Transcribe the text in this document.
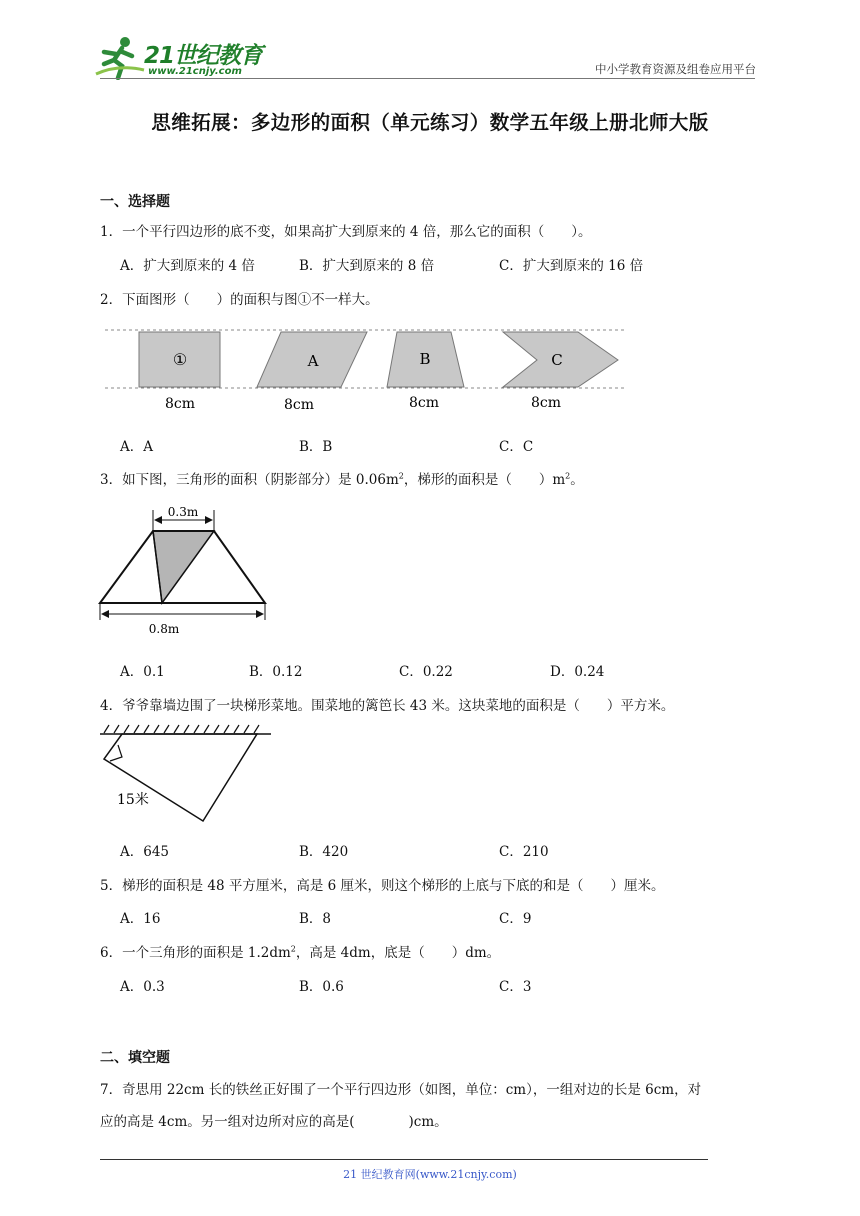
21世纪教育
www.21cnjy.com	中小学教育资源及组卷应用平台
思维拓展：多边形的面积（单元练习）数学五年级上册北师大版
一、选择题
1．一个平行四边形的底不变，如果高扩大到原来的 4 倍，那么它的面积（　　）。
A．扩大到原来的 4 倍	B．扩大到原来的 8 倍	C．扩大到原来的 16 倍
2．下面图形（　　）的面积与图①不一样大。
①	A	B	C
8cm	8cm	8cm	8cm
A．A	B．B	C．C
3．如下图，三角形的面积（阴影部分）是 $0.06m^2$，梯形的面积是（　　）$m^2$。
0.3m
0.8m
A．0.1	B．0.12	C．0.22	D．0.24
4．爷爷靠墙边围了一块梯形菜地。围菜地的篱笆长 43 米。这块菜地的面积是（　　）平方米。
15米
A．645	B．420	C．210
5．梯形的面积是 48 平方厘米，高是 6 厘米，则这个梯形的上底与下底的和是（　　）厘米。
A．16	B．8	C．9
6．一个三角形的面积是 $1.2dm^2$，高是 4dm，底是（　　）dm。
A．0.3	B．0.6	C．3
二、填空题
7．奇思用 22cm 长的铁丝正好围了一个平行四边形（如图，单位：cm），一组对边的长是 6cm，对
应的高是 4cm。另一组对边所对应的高是(　　　　)cm。
21 世纪教育网(www.21cnjy.com)
